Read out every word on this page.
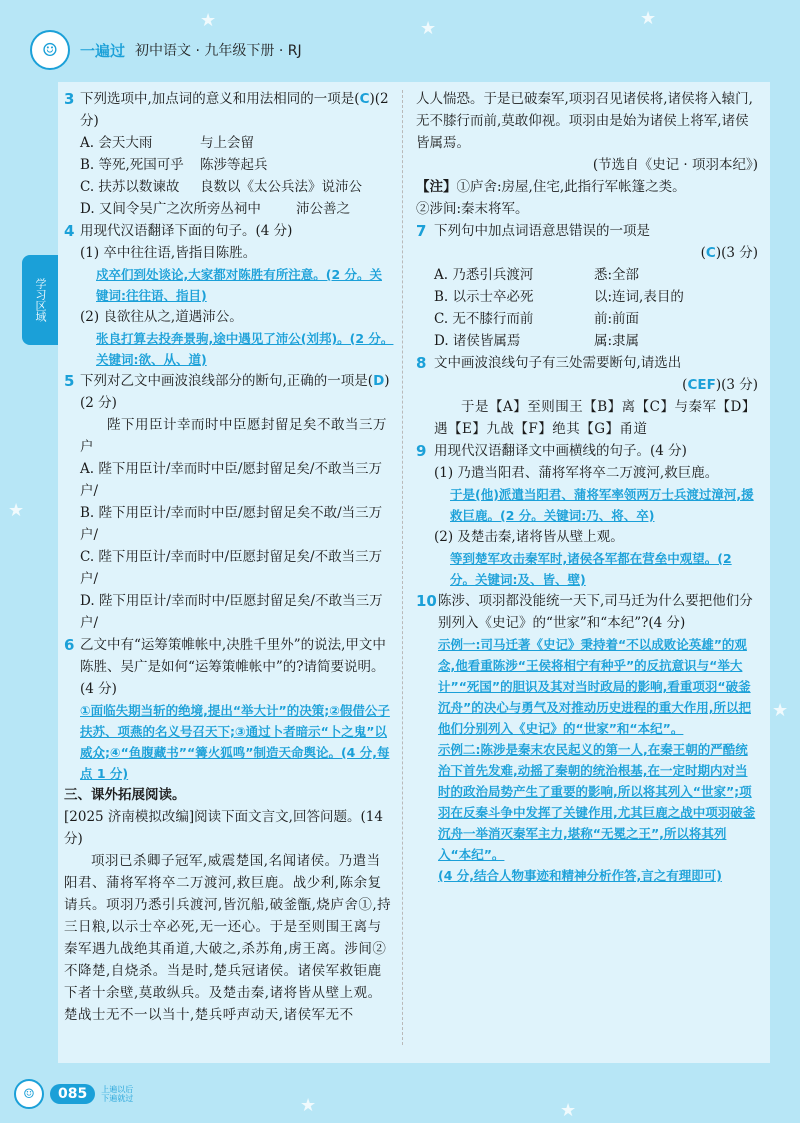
★	★	★
★
★
★	★
☺	一遍过 初中语文 · 九年级下册 · RJ
学习区域
3 下列选项中,加点词的意义和用法相同的一项是(C)(2 分)
A. 会天大雨	与上会留
B. 等死,死国可乎	陈涉等起兵
C. 扶苏以数谏故	良数以《太公兵法》说沛公
D. 又间令吴广之次所旁丛祠中	沛公善之
4 用现代汉语翻译下面的句子。(4 分)
(1) 卒中往往语,皆指目陈胜。
戍卒们到处谈论,大家都对陈胜有所注意。(2 分。关键词:往往语、指目)
(2) 良欲往从之,道遇沛公。
张良打算去投奔景驹,途中遇见了沛公(刘邦)。(2 分。关键词:欲、从、道)
5 下列对乙文中画波浪线部分的断句,正确的一项是(D)(2 分)
陛下用臣计幸而时中臣愿封留足矣不敢当三万户
A. 陛下用臣计/幸而时中臣/愿封留足矣/不敢当三万户/
B. 陛下用臣计/幸而时中臣/愿封留足矣不敢/当三万户/
C. 陛下用臣计/幸而时中/臣愿封留足矣/不敢当三万户/
D. 陛下用臣计/幸而时中/臣愿封留足矣/不敢当三万户/
6 乙文中有“运筹策帷帐中,决胜千里外”的说法,甲文中陈胜、吴广是如何“运筹策帷帐中”的?请简要说明。(4 分)
①面临失期当斩的绝境,提出“举大计”的决策;②假借公子扶苏、项燕的名义号召天下;③通过卜者暗示“卜之鬼”以威众;④“鱼腹藏书”“篝火狐鸣”制造天命舆论。(4 分,每点 1 分)
三、课外拓展阅读。
[2025 济南模拟改编]阅读下面文言文,回答问题。(14 分)
项羽已杀卿子冠军,威震楚国,名闻诸侯。乃遣当阳君、蒲将军将卒二万渡河,救巨鹿。战少利,陈余复请兵。项羽乃悉引兵渡河,皆沉船,破釜甑,烧庐舍①,持三日粮,以示士卒必死,无一还心。于是至则围王离与秦军遇九战绝其甬道,大破之,杀苏角,虏王离。涉间②不降楚,自烧杀。当是时,楚兵冠诸侯。诸侯军救钜鹿下者十余壁,莫敢纵兵。及楚击秦,诸将皆从壁上观。楚战士无不一以当十,楚兵呼声动天,诸侯军无不
人人惴恐。于是已破秦军,项羽召见诸侯将,诸侯将入辕门,无不膝行而前,莫敢仰视。项羽由是始为诸侯上将军,诸侯皆属焉。
(节选自《史记 · 项羽本纪》)
【注】①庐舍:房屋,住宅,此指行军帐篷之类。
②涉间:秦末将军。
7 下列句中加点词语意思错误的一项是
(C)(3 分)
A. 乃悉引兵渡河	悉:全部
B. 以示士卒必死	以:连词,表目的
C. 无不膝行而前	前:前面
D. 诸侯皆属焉	属:隶属
8 文中画波浪线句子有三处需要断句,请选出
(CEF)(3 分)
于是【A】至则围王【B】离【C】与秦军【D】遇【E】九战【F】绝其【G】甬道
9 用现代汉语翻译文中画横线的句子。(4 分)
(1) 乃遣当阳君、蒲将军将卒二万渡河,救巨鹿。
于是(他)派遣当阳君、蒲将军率领两万士兵渡过漳河,援救巨鹿。(2 分。关键词:乃、将、卒)
(2) 及楚击秦,诸将皆从壁上观。
等到楚军攻击秦军时,诸侯各军都在营垒中观望。(2 分。关键词:及、皆、壁)
10 陈涉、项羽都没能统一天下,司马迁为什么要把他们分别列入《史记》的“世家”和“本纪”?(4 分)
示例一:司马迁著《史记》秉持着“不以成败论英雄”的观念,他看重陈涉“王侯将相宁有种乎”的反抗意识与“举大计”“死国”的胆识及其对当时政局的影响,看重项羽“破釜沉舟”的决心与勇气及对推动历史进程的重大作用,所以把他们分别列入《史记》的“世家”和“本纪”。
示例二:陈涉是秦末农民起义的第一人,在秦王朝的严酷统治下首先发难,动摇了秦朝的统治根基,在一定时期内对当时的政治局势产生了重要的影响,所以将其列入“世家”;项羽在反秦斗争中发挥了关键作用,尤其巨鹿之战中项羽破釜沉舟一举消灭秦军主力,堪称“无冕之王”,所以将其列入“本纪”。
(4 分,结合人物事迹和精神分析作答,言之有理即可)
☺	085	上遍以后
下遍就过
